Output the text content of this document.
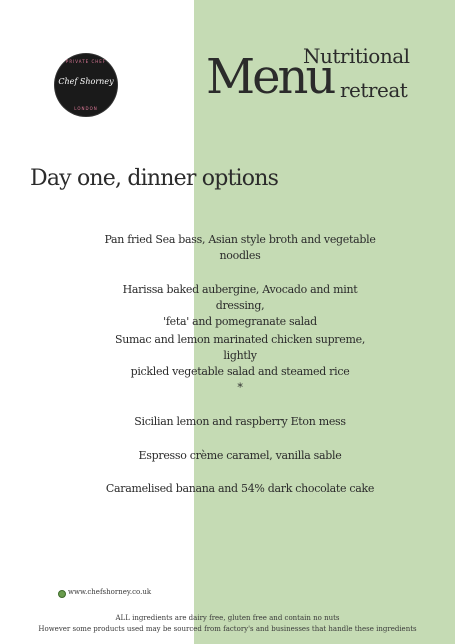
PRIVATE CHEF
Chef Shorney
LONDON
Nutritional
Menu retreat
Day one, dinner options
Pan fried Sea bass, Asian style broth and vegetable
noodles
Harissa baked aubergine, Avocado and mint dressing,
'feta' and pomegranate salad
Sumac and lemon marinated chicken supreme, lightly
pickled vegetable salad and steamed rice
*
Sicilian lemon and raspberry Eton mess
Espresso crème caramel, vanilla sable
Caramelised banana and 54% dark chocolate cake
www.chefshorney.co.uk
ALL ingredients are dairy free, gluten free and contain no nuts
However some products used may be sourced from factory's and businesses that handle these ingredients
